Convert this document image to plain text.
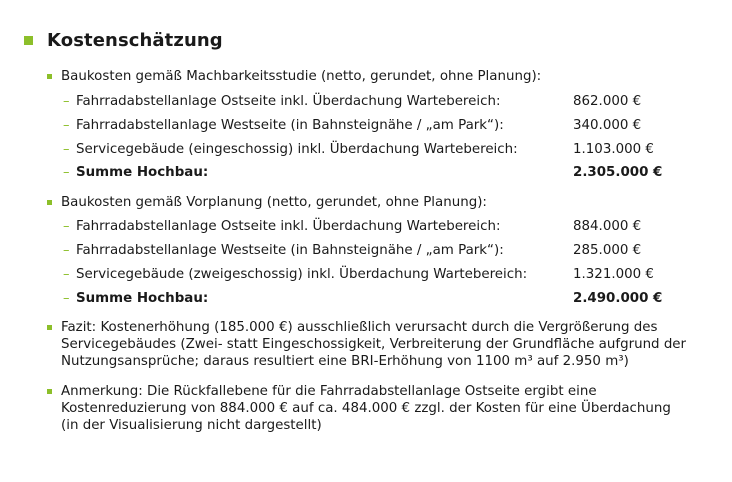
Kostenschätzung
Baukosten gemäß Machbarkeitsstudie (netto, gerundet, ohne Planung):
– Fahrradabstellanlage Ostseite inkl. Überdachung Wartebereich:	862.000 €
– Fahrradabstellanlage Westseite (in Bahnsteignähe / „am Park“):	340.000 €
– Servicegebäude (eingeschossig) inkl. Überdachung Wartebereich:	1.103.000 €
– Summe Hochbau:	2.305.000 €
Baukosten gemäß Vorplanung (netto, gerundet, ohne Planung):
– Fahrradabstellanlage Ostseite inkl. Überdachung Wartebereich:	884.000 €
– Fahrradabstellanlage Westseite (in Bahnsteignähe / „am Park“):	285.000 €
– Servicegebäude (zweigeschossig) inkl. Überdachung Wartebereich:	1.321.000 €
– Summe Hochbau:	2.490.000 €
Fazit: Kostenerhöhung (185.000 €) ausschließlich verursacht durch die Vergrößerung des
Servicegebäudes (Zwei- statt Eingeschossigkeit, Verbreiterung der Grundfläche aufgrund der
Nutzungsansprüche; daraus resultiert eine BRI-Erhöhung von 1100 m³ auf 2.950 m³)
Anmerkung: Die Rückfallebene für die Fahrradabstellanlage Ostseite ergibt eine
Kostenreduzierung von 884.000 € auf ca. 484.000 € zzgl. der Kosten für eine Überdachung
(in der Visualisierung nicht dargestellt)
